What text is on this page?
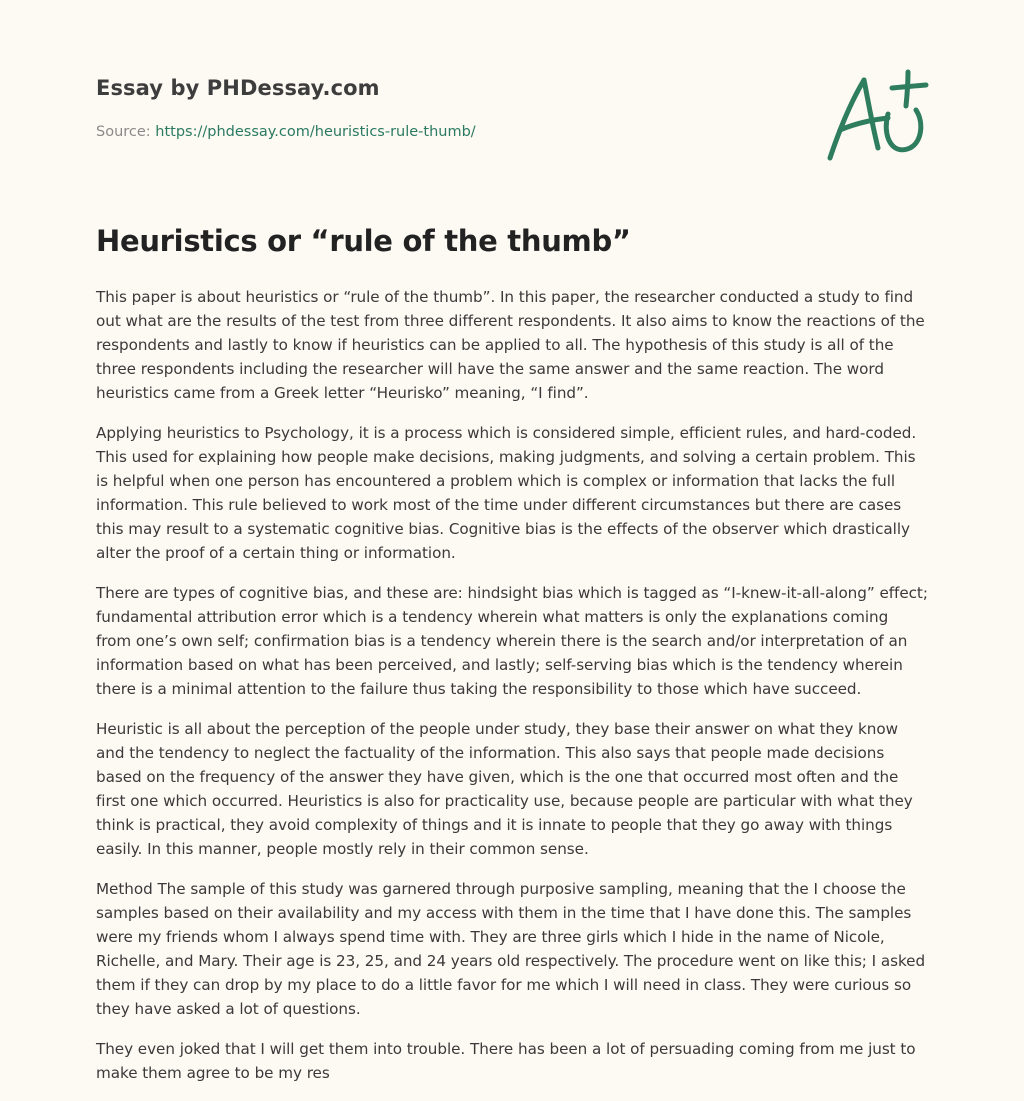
Essay by PHDessay.com

Source: https://phdessay.com/heuristics-rule-thumb/

Heuristics or “rule of the thumb”

This paper is about heuristics or “rule of the thumb”. In this paper, the researcher conducted a study to find out what are the results of the test from three different respondents. It also aims to know the reactions of the respondents and lastly to know if heuristics can be applied to all. The hypothesis of this study is all of the three respondents including the researcher will have the same answer and the same reaction. The word heuristics came from a Greek letter “Heurisko” meaning, “I find”.

Applying heuristics to Psychology, it is a process which is considered simple, efficient rules, and hard-coded. This used for explaining how people make decisions, making judgments, and solving a certain problem. This is helpful when one person has encountered a problem which is complex or information that lacks the full information. This rule believed to work most of the time under different circumstances but there are cases this may result to a systematic cognitive bias. Cognitive bias is the effects of the observer which drastically alter the proof of a certain thing or information.

There are types of cognitive bias, and these are: hindsight bias which is tagged as “I-knew-it-all-along” effect; fundamental attribution error which is a tendency wherein what matters is only the explanations coming from one’s own self; confirmation bias is a tendency wherein there is the search and/or interpretation of an information based on what has been perceived, and lastly; self-serving bias which is the tendency wherein there is a minimal attention to the failure thus taking the responsibility to those which have succeed.

Heuristic is all about the perception of the people under study, they base their answer on what they know and the tendency to neglect the factuality of the information. This also says that people made decisions based on the frequency of the answer they have given, which is the one that occurred most often and the first one which occurred. Heuristics is also for practicality use, because people are particular with what they think is practical, they avoid complexity of things and it is innate to people that they go away with things easily. In this manner, people mostly rely in their common sense.

Method The sample of this study was garnered through purposive sampling, meaning that the I choose the samples based on their availability and my access with them in the time that I have done this. The samples were my friends whom I always spend time with. They are three girls which I hide in the name of Nicole, Richelle, and Mary. Their age is 23, 25, and 24 years old respectively. The procedure went on like this; I asked them if they can drop by my place to do a little favor for me which I will need in class. They were curious so they have asked a lot of questions.

They even joked that I will get them into trouble. There has been a lot of persuading coming from me just to make them agree to be my res
